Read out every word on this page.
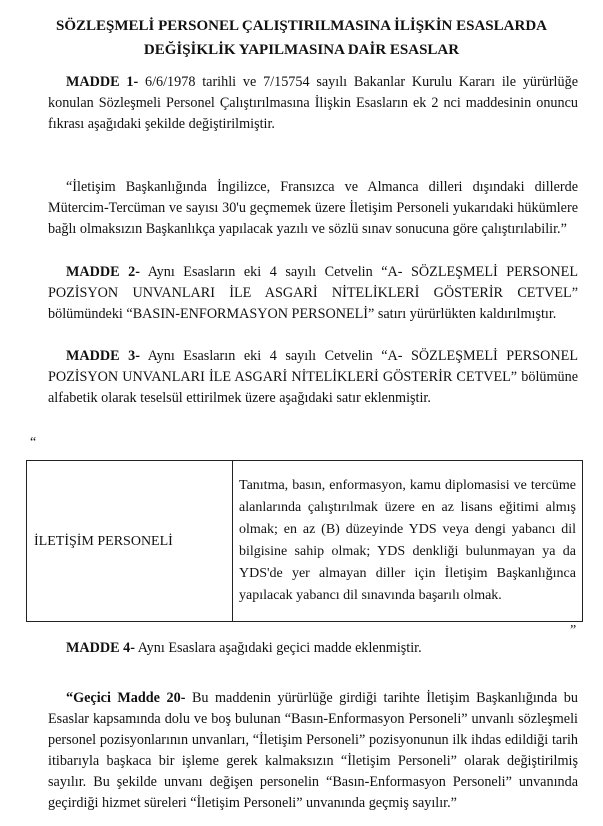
SÖZLEŞMELİ PERSONEL ÇALIŞTIRILMASINA İLİŞKİN ESASLARDA
DEĞİŞİKLİK YAPILMASINA DAİR ESASLAR

MADDE 1- 6/6/1978 tarihli ve 7/15754 sayılı Bakanlar Kurulu Kararı ile yürürlüğe konulan Sözleşmeli Personel Çalıştırılmasına İlişkin Esasların ek 2 nci maddesinin onuncu fıkrası aşağıdaki şekilde değiştirilmiştir.

“İletişim Başkanlığında İngilizce, Fransızca ve Almanca dilleri dışındaki dillerde Mütercim-Tercüman ve sayısı 30'u geçmemek üzere İletişim Personeli yukarıdaki hükümlere bağlı olmaksızın Başkanlıkça yapılacak yazılı ve sözlü sınav sonucuna göre çalıştırılabilir.”

MADDE 2- Aynı Esasların eki 4 sayılı Cetvelin “A- SÖZLEŞMELİ PERSONEL POZİSYON UNVANLARI İLE ASGARİ NİTELİKLERİ GÖSTERİR CETVEL” bölümündeki “BASIN-ENFORMASYON PERSONELİ” satırı yürürlükten kaldırılmıştır.

MADDE 3- Aynı Esasların eki 4 sayılı Cetvelin “A- SÖZLEŞMELİ PERSONEL POZİSYON UNVANLARI İLE ASGARİ NİTELİKLERİ GÖSTERİR CETVEL” bölümüne alfabetik olarak teselsül ettirilmek üzere aşağıdaki satır eklenmiştir.

“
İLETİŞİM PERSONELİ	Tanıtma, basın, enformasyon, kamu diplomasisi ve tercüme alanlarında çalıştırılmak üzere en az lisans eğitimi almış olmak; en az (B) düzeyinde YDS veya dengi yabancı dil bilgisine sahip olmak; YDS denkliği bulunmayan ya da YDS'de yer almayan diller için İletişim Başkanlığınca yapılacak yabancı dil sınavında başarılı olmak.
”

MADDE 4- Aynı Esaslara aşağıdaki geçici madde eklenmiştir.

“Geçici Madde 20- Bu maddenin yürürlüğe girdiği tarihte İletişim Başkanlığında bu Esaslar kapsamında dolu ve boş bulunan “Basın-Enformasyon Personeli” unvanlı sözleşmeli personel pozisyonlarının unvanları, “İletişim Personeli” pozisyonunun ilk ihdas edildiği tarih itibarıyla başkaca bir işleme gerek kalmaksızın “İletişim Personeli” olarak değiştirilmiş sayılır. Bu şekilde unvanı değişen personelin “Basın-Enformasyon Personeli” unvanında geçirdiği hizmet süreleri “İletişim Personeli” unvanında geçmiş sayılır.”
